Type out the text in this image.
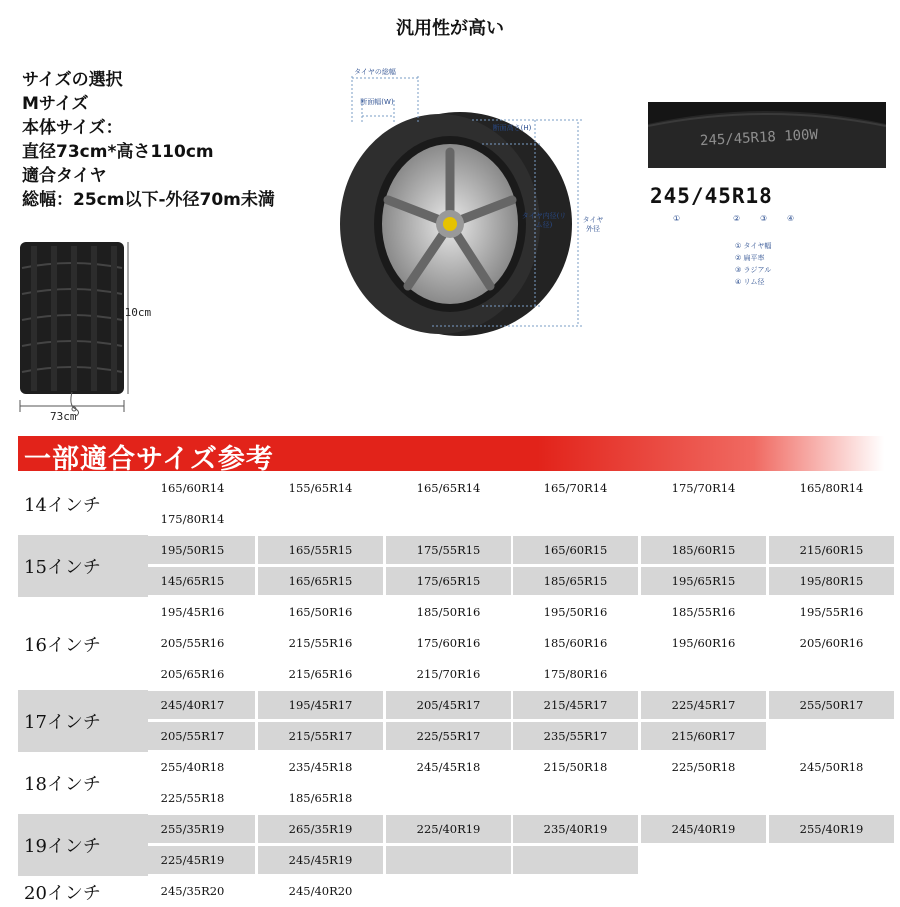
汎用性が高い
サイズの選択
Mサイズ
本体サイズ：
直径73cm*高さ110cm
適合タイヤ
総幅：25cm以下-外径70m未満
110cm
73cm
タイヤの総幅
断面幅(W)
断面高さ(H)
タイヤ内径(リム径)
タイヤ外径
245/45R18 100W
245/45R18
①	② ③ ④
① タイヤ幅
② 扁平率
③ ラジアル
④ リム径
一部適合サイズ参考
14インチ
165/60R14	155/65R14	165/65R14	165/70R14	175/70R14	165/80R14
175/80R14
15インチ
195/50R15	165/55R15	175/55R15	165/60R15	185/60R15	215/60R15
145/65R15	165/65R15	175/65R15	185/65R15	195/65R15	195/80R15
16インチ
195/45R16	165/50R16	185/50R16	195/50R16	185/55R16	195/55R16
205/55R16	215/55R16	175/60R16	185/60R16	195/60R16	205/60R16
205/65R16	215/65R16	215/70R16	175/80R16
17インチ
245/40R17	195/45R17	205/45R17	215/45R17	225/45R17	255/50R17
205/55R17	215/55R17	225/55R17	235/55R17	215/60R17
18インチ
255/40R18	235/45R18	245/45R18	215/50R18	225/50R18	245/50R18
225/55R18	185/65R18
19インチ
255/35R19	265/35R19	225/40R19	235/40R19	245/40R19	255/40R19
225/45R19	245/45R19
20インチ	245/35R20	245/40R20
